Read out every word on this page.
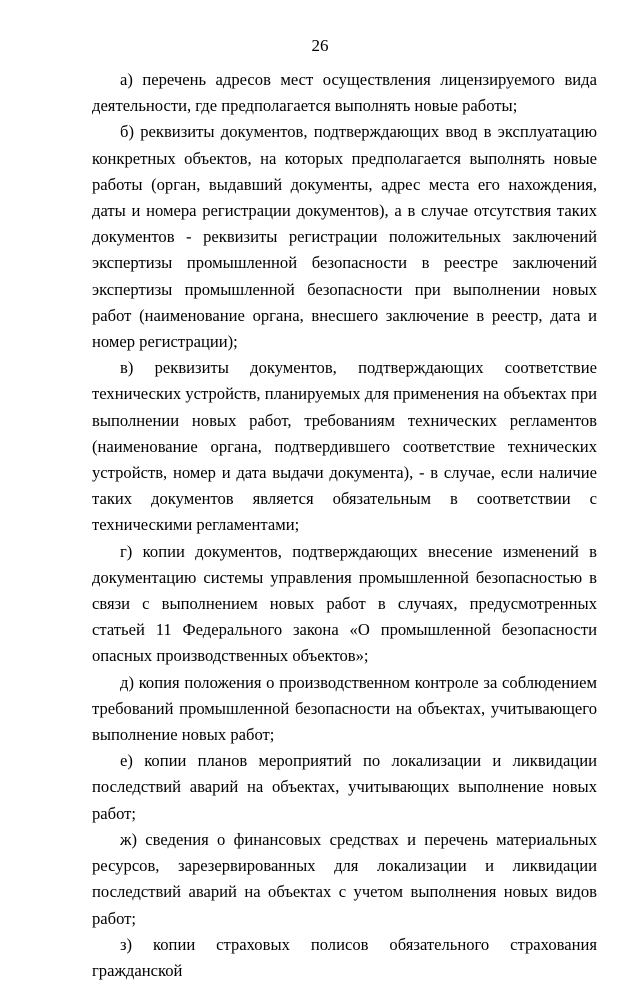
26

а) перечень адресов мест осуществления лицензируемого вида деятельности, где предполагается выполнять новые работы;

б) реквизиты документов, подтверждающих ввод в эксплуатацию конкретных объектов, на которых предполагается выполнять новые работы (орган, выдавший документы, адрес места его нахождения, даты и номера регистрации документов), а в случае отсутствия таких документов - реквизиты регистрации положительных заключений экспертизы промышленной безопасности в реестре заключений экспертизы промышленной безопасности при выполнении новых работ (наименование органа, внесшего заключение в реестр, дата и номер регистрации);

в) реквизиты документов, подтверждающих соответствие технических устройств, планируемых для применения на объектах при выполнении новых работ, требованиям технических регламентов (наименование органа, подтвердившего соответствие технических устройств, номер и дата выдачи документа), - в случае, если наличие таких документов является обязательным в соответствии с техническими регламентами;

г) копии документов, подтверждающих внесение изменений в документацию системы управления промышленной безопасностью в связи с выполнением новых работ в случаях, предусмотренных статьей 11 Федерального закона «О промышленной безопасности опасных производственных объектов»;

д) копия положения о производственном контроле за соблюдением требований промышленной безопасности на объектах, учитывающего выполнение новых работ;

е) копии планов мероприятий по локализации и ликвидации последствий аварий на объектах, учитывающих выполнение новых работ;

ж) сведения о финансовых средствах и перечень материальных ресурсов, зарезервированных для локализации и ликвидации последствий аварий на объектах с учетом выполнения новых видов работ;

з) копии страховых полисов обязательного страхования гражданской
